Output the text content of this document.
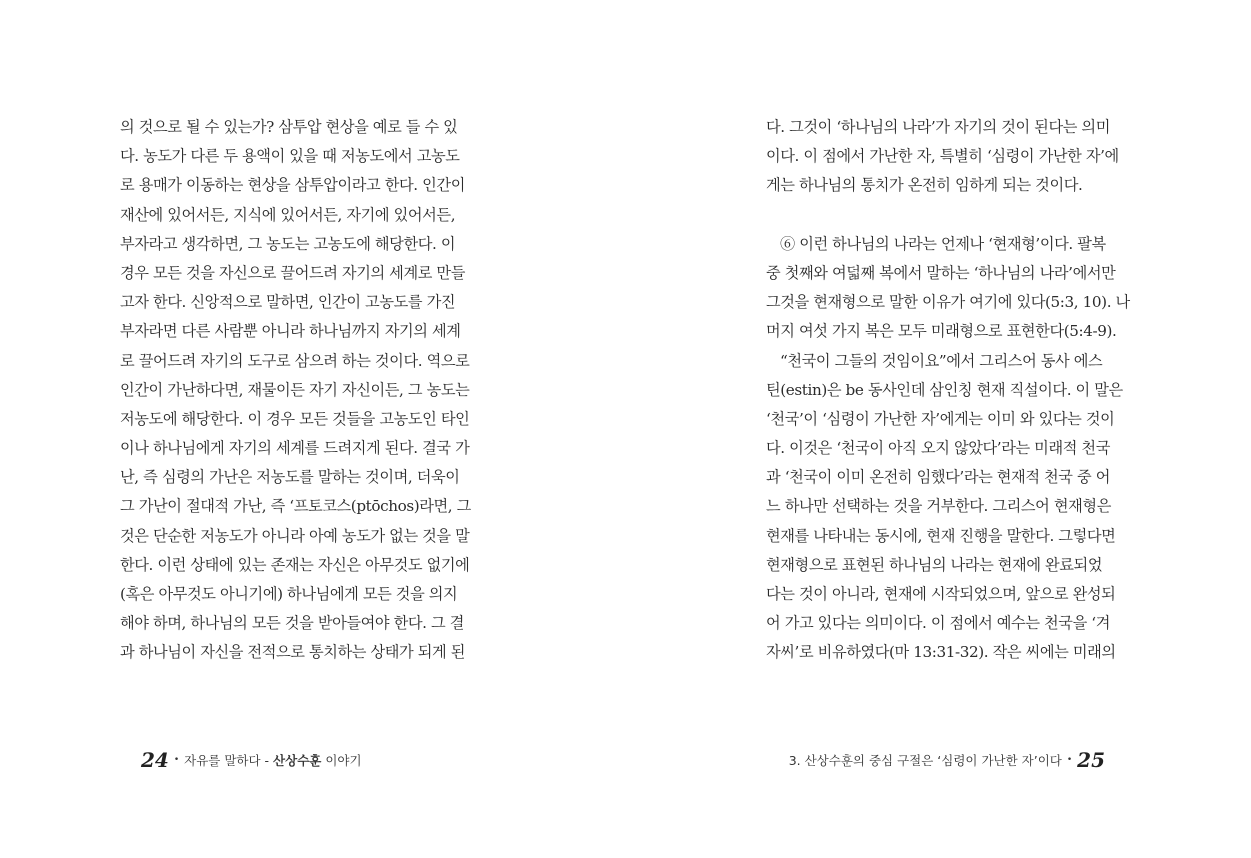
의 것으로 될 수 있는가? 삼투압 현상을 예로 들 수 있
다. 농도가 다른 두 용액이 있을 때 저농도에서 고농도
로 용매가 이동하는 현상을 삼투압이라고 한다. 인간이
재산에 있어서든, 지식에 있어서든, 자기에 있어서든,
부자라고 생각하면, 그 농도는 고농도에 해당한다. 이
경우 모든 것을 자신으로 끌어드려 자기의 세계로 만들
고자 한다. 신앙적으로 말하면, 인간이 고농도를 가진
부자라면 다른 사람뿐 아니라 하나님까지 자기의 세계
로 끌어드려 자기의 도구로 삼으려 하는 것이다. 역으로
인간이 가난하다면, 재물이든 자기 자신이든, 그 농도는
저농도에 해당한다. 이 경우 모든 것들을 고농도인 타인
이나 하나님에게 자기의 세계를 드려지게 된다. 결국 가
난, 즉 심령의 가난은 저농도를 말하는 것이며, 더욱이
그 가난이 절대적 가난, 즉 ‘프토코스(ptōchos)라면, 그
것은 단순한 저농도가 아니라 아예 농도가 없는 것을 말
한다. 이런 상태에 있는 존재는 자신은 아무것도 없기에
(혹은 아무것도 아니기에) 하나님에게 모든 것을 의지
해야 하며, 하나님의 모든 것을 받아들여야 한다. 그 결
과 하나님이 자신을 전적으로 통치하는 상태가 되게 된
24 • 자유를 말하다 - 산상수훈 이야기
다. 그것이 ‘하나님의 나라’가 자기의 것이 된다는 의미
이다. 이 점에서 가난한 자, 특별히 ‘심령이 가난한 자’에
게는 하나님의 통치가 온전히 임하게 되는 것이다.
⑥ 이런 하나님의 나라는 언제나 ‘현재형’이다. 팔복
중 첫째와 여덟째 복에서 말하는 ‘하나님의 나라’에서만
그것을 현재형으로 말한 이유가 여기에 있다(5:3, 10). 나
머지 여섯 가지 복은 모두 미래형으로 표현한다(5:4-9).
“천국이 그들의 것임이요”에서 그리스어 동사 에스
틴(estin)은 be 동사인데 삼인칭 현재 직설이다. 이 말은
‘천국’이 ‘심령이 가난한 자’에게는 이미 와 있다는 것이
다. 이것은 ‘천국이 아직 오지 않았다’라는 미래적 천국
과 ‘천국이 이미 온전히 임했다’라는 현재적 천국 중 어
느 하나만 선택하는 것을 거부한다. 그리스어 현재형은
현재를 나타내는 동시에, 현재 진행을 말한다. 그렇다면
현재형으로 표현된 하나님의 나라는 현재에 완료되었
다는 것이 아니라, 현재에 시작되었으며, 앞으로 완성되
어 가고 있다는 의미이다. 이 점에서 예수는 천국을 ‘겨
자씨’로 비유하였다(마 13:31-32). 작은 씨에는 미래의
3. 산상수훈의 중심 구절은 ‘심령이 가난한 자’이다 • 25
